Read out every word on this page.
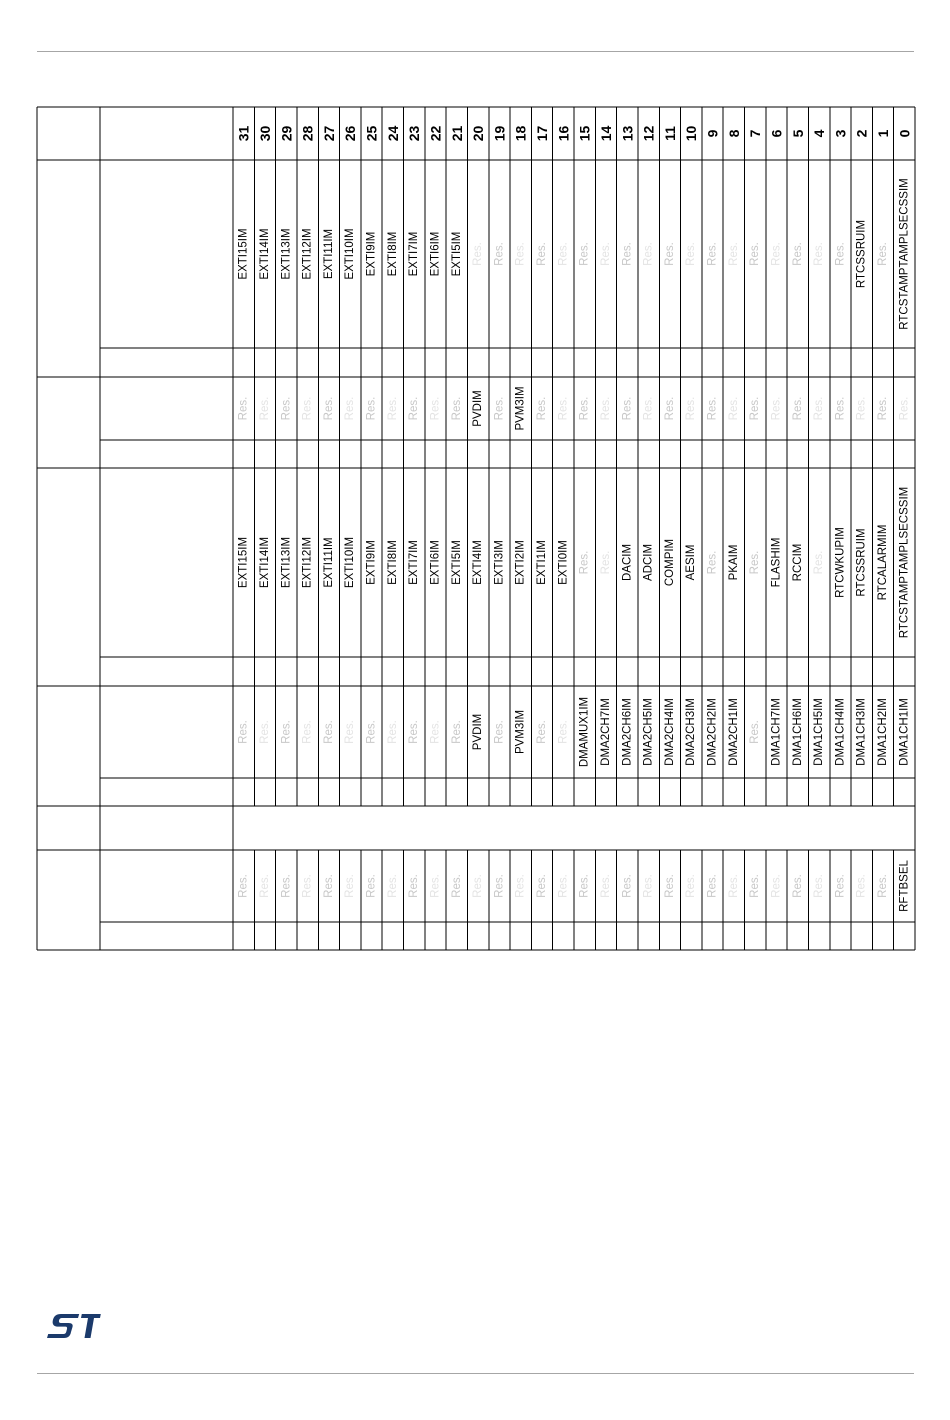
31 30 29 28 27 26 25 24 23 22 21 20 19 18 17 16 15 14 13 12 11 10 9 8 7 6 5 4 3 2 1 0
EXTI15IM EXTI14IM EXTI13IM EXTI12IM EXTI11IM EXTI10IM EXTI9IM EXTI8IM EXTI7IM EXTI6IM EXTI5IM Res. Res. Res. Res. Res. Res. Res. Res. Res. Res. Res. Res. Res. Res. Res. Res. Res. Res. RTCSSRUIM Res. RTCSTAMPTAMPLSECSSIM
Res. Res. Res. Res. Res. Res. Res. Res. Res. Res. Res. PVDIM Res. PVM3IM Res. Res. Res. Res. Res. Res. Res. Res. Res. Res. Res. Res. Res. Res. Res. Res. Res. Res.
EXTI15IM EXTI14IM EXTI13IM EXTI12IM EXTI11IM EXTI10IM EXTI9IM EXTI8IM EXTI7IM EXTI6IM EXTI5IM EXTI4IM EXTI3IM EXTI2IM EXTI1IM EXTI0IM Res. Res. DACIM ADCIM COMPIM AESIM Res. PKAIM Res. FLASHIM RCCIM Res. RTCWKUPIM RTCSSRUIM RTCALARMIM RTCSTAMPTAMPLSECSSIM
Res. Res. Res. Res. Res. Res. Res. Res. Res. Res. Res. PVDIM Res. PVM3IM Res. Res. DMAMUX1IM DMA2CH7IM DMA2CH6IM DMA2CH5IM DMA2CH4IM DMA2CH3IM DMA2CH2IM DMA2CH1IM Res. DMA1CH7IM DMA1CH6IM DMA1CH5IM DMA1CH4IM DMA1CH3IM DMA1CH2IM DMA1CH1IM
Res. Res. Res. Res. Res. Res. Res. Res. Res. Res. Res. Res. Res. Res. Res. Res. Res. Res. Res. Res. Res. Res. Res. Res. Res. Res. Res. Res. Res. Res. Res. RFTBSEL
